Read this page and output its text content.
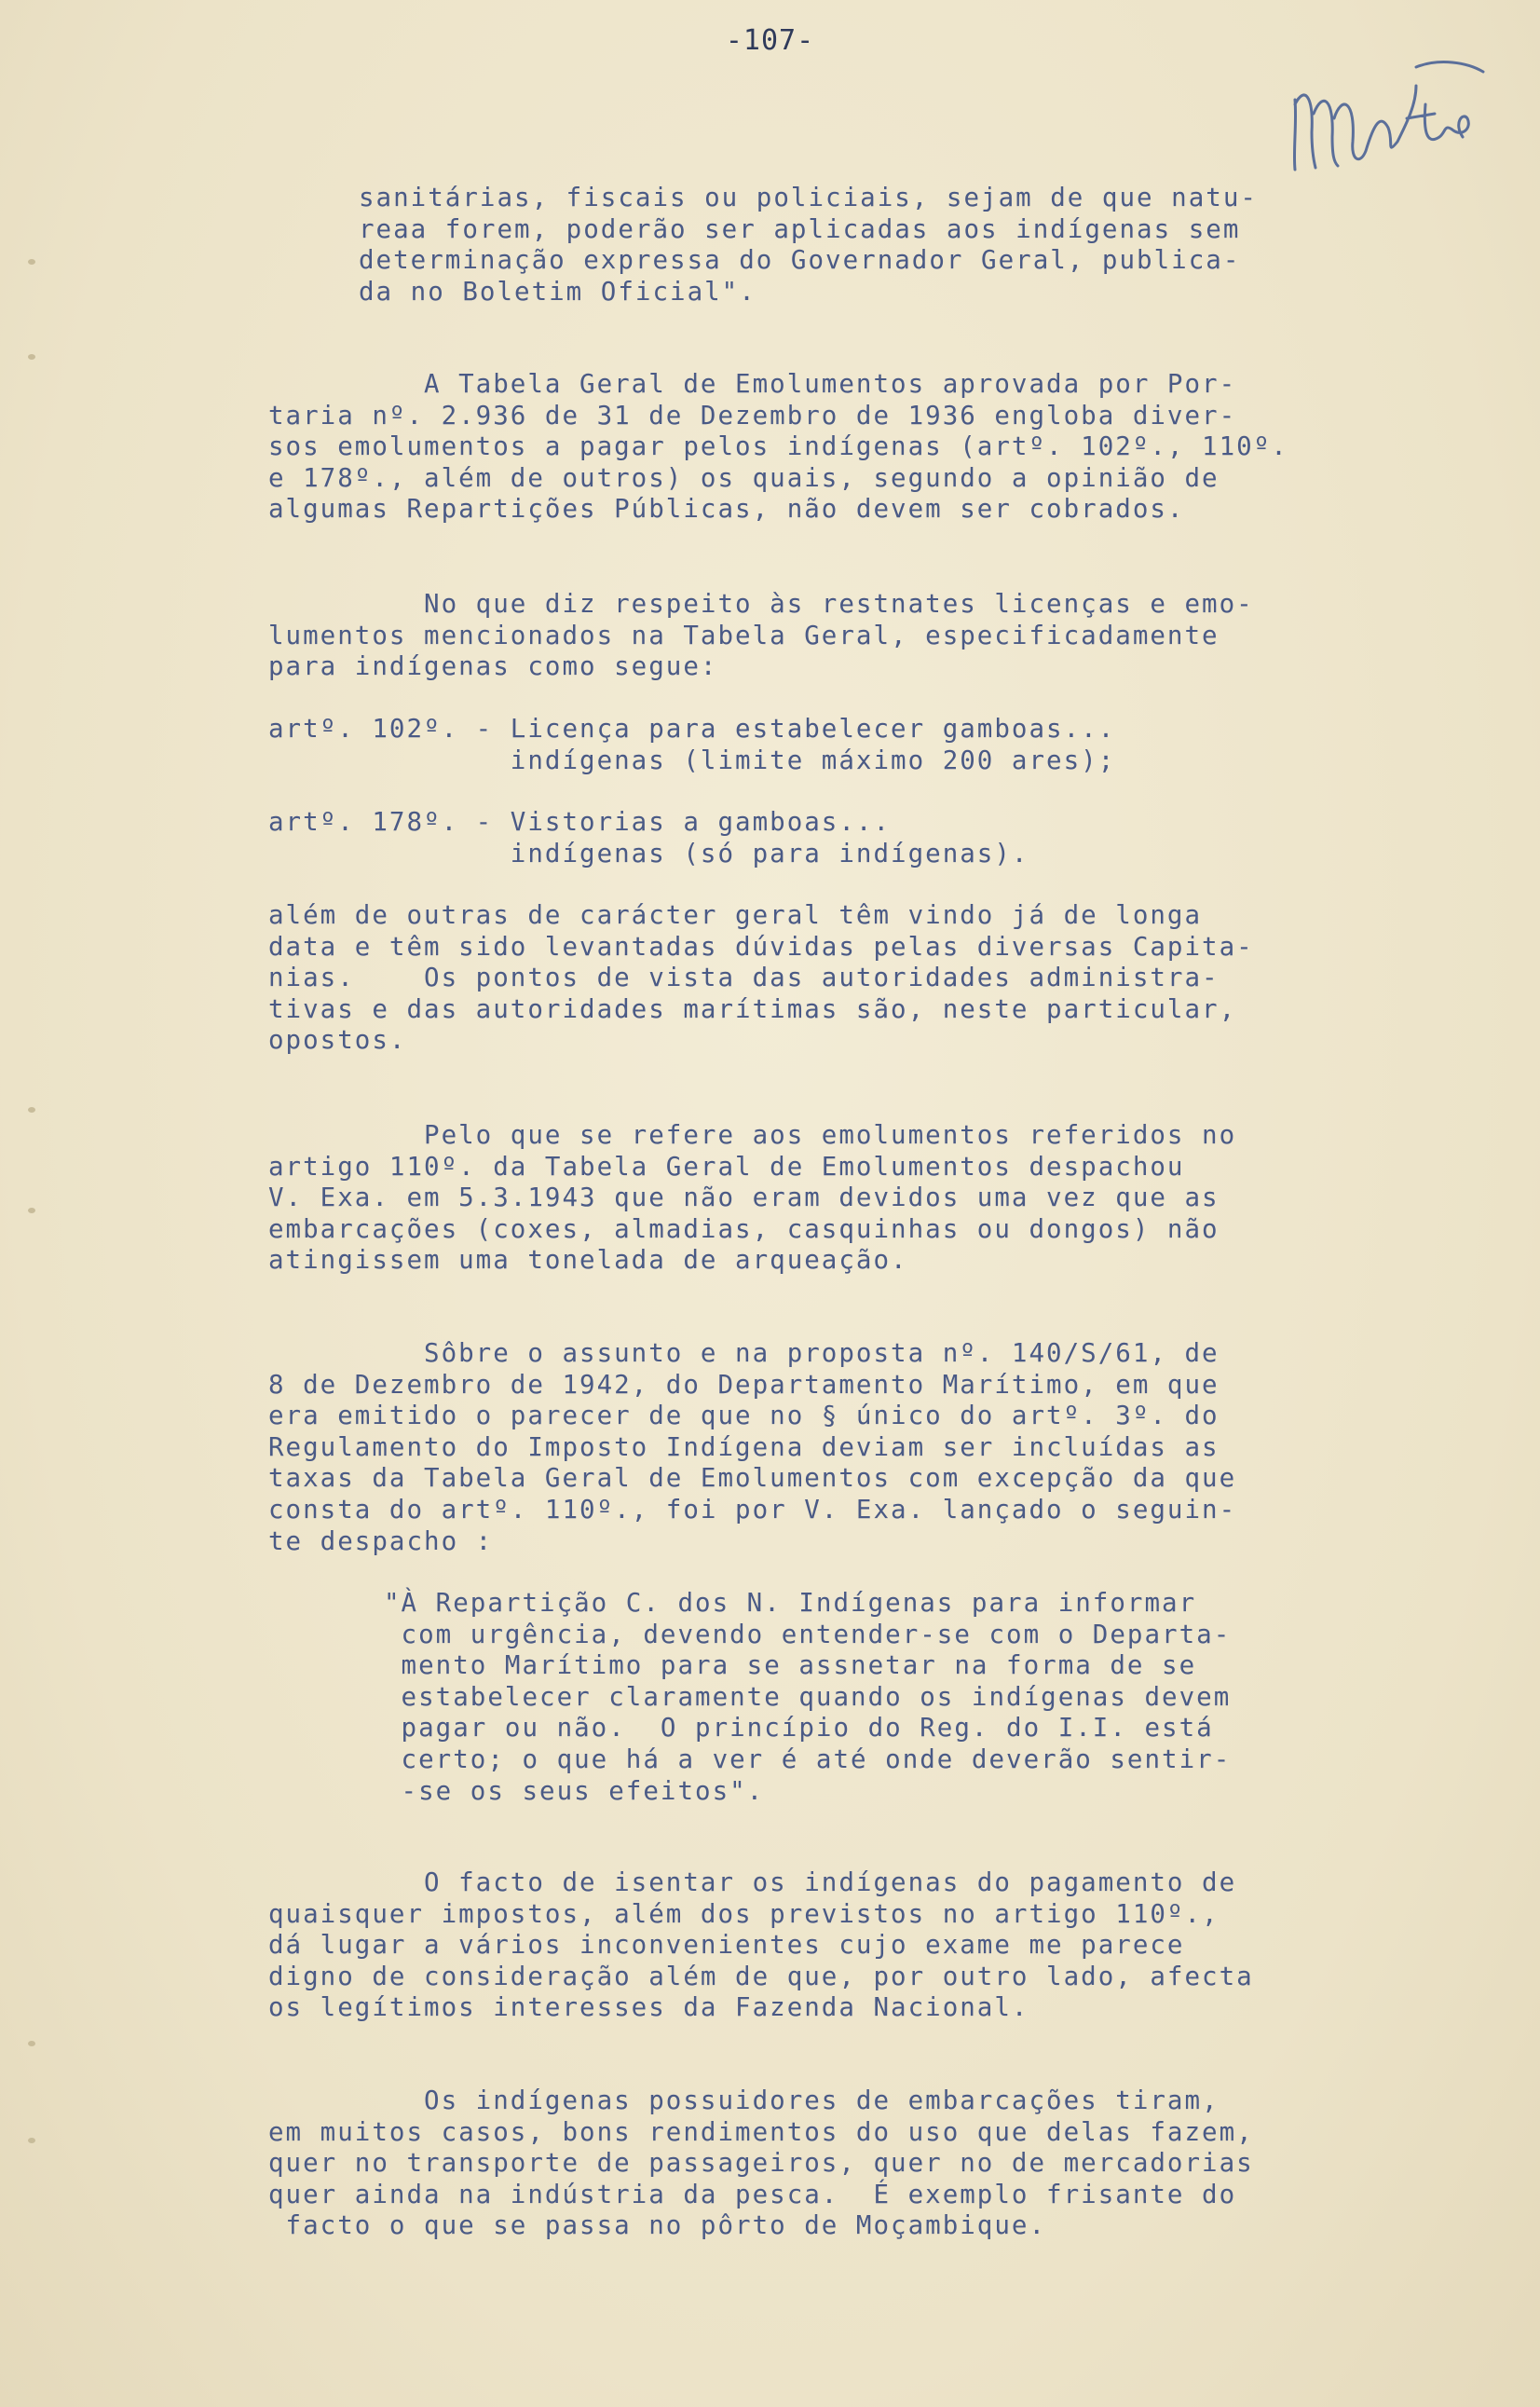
-107-
sanitárias, fiscais ou policiais, sejam de que natu-
reaa forem, poderão ser aplicadas aos indígenas sem
determinação expressa do Governador Geral, publica-
da no Boletim Oficial".
A Tabela Geral de Emolumentos aprovada por Por-
taria nº. 2.936 de 31 de Dezembro de 1936 engloba diver-
sos emolumentos a pagar pelos indígenas (artº. 102º., 110º.
e 178º., além de outros) os quais, segundo a opinião de
algumas Repartições Públicas, não devem ser cobrados.
No que diz respeito às restnates licenças e emo-
lumentos mencionados na Tabela Geral, especificadamente
para indígenas como segue:
artº. 102º. - Licença para estabelecer gamboas...
indígenas (limite máximo 200 ares);
artº. 178º. - Vistorias a gamboas...
indígenas (só para indígenas).
além de outras de carácter geral têm vindo já de longa
data e têm sido levantadas dúvidas pelas diversas Capita-
nias.    Os pontos de vista das autoridades administra-
tivas e das autoridades marítimas são, neste particular,
opostos.
Pelo que se refere aos emolumentos referidos no
artigo 110º. da Tabela Geral de Emolumentos despachou
V. Exa. em 5.3.1943 que não eram devidos uma vez que as
embarcações (coxes, almadias, casquinhas ou dongos) não
atingissem uma tonelada de arqueação.
Sôbre o assunto e na proposta nº. 140/S/61, de
8 de Dezembro de 1942, do Departamento Marítimo, em que
era emitido o parecer de que no § único do artº. 3º. do
Regulamento do Imposto Indígena deviam ser incluídas as
taxas da Tabela Geral de Emolumentos com excepção da que
consta do artº. 110º., foi por V. Exa. lançado o seguin-
te despacho :
"À Repartição C. dos N. Indígenas para informar
com urgência, devendo entender-se com o Departa-
mento Marítimo para se assnetar na forma de se
estabelecer claramente quando os indígenas devem
pagar ou não.  O princípio do Reg. do I.I. está
certo; o que há a ver é até onde deverão sentir-
-se os seus efeitos".
O facto de isentar os indígenas do pagamento de
quaisquer impostos, além dos previstos no artigo 110º.,
dá lugar a vários inconvenientes cujo exame me parece
digno de consideração além de que, por outro lado, afecta
os legítimos interesses da Fazenda Nacional.
Os indígenas possuidores de embarcações tiram,
em muitos casos, bons rendimentos do uso que delas fazem,
quer no transporte de passageiros, quer no de mercadorias
quer ainda na indústria da pesca.  É exemplo frisante do
facto o que se passa no pôrto de Moçambique.
